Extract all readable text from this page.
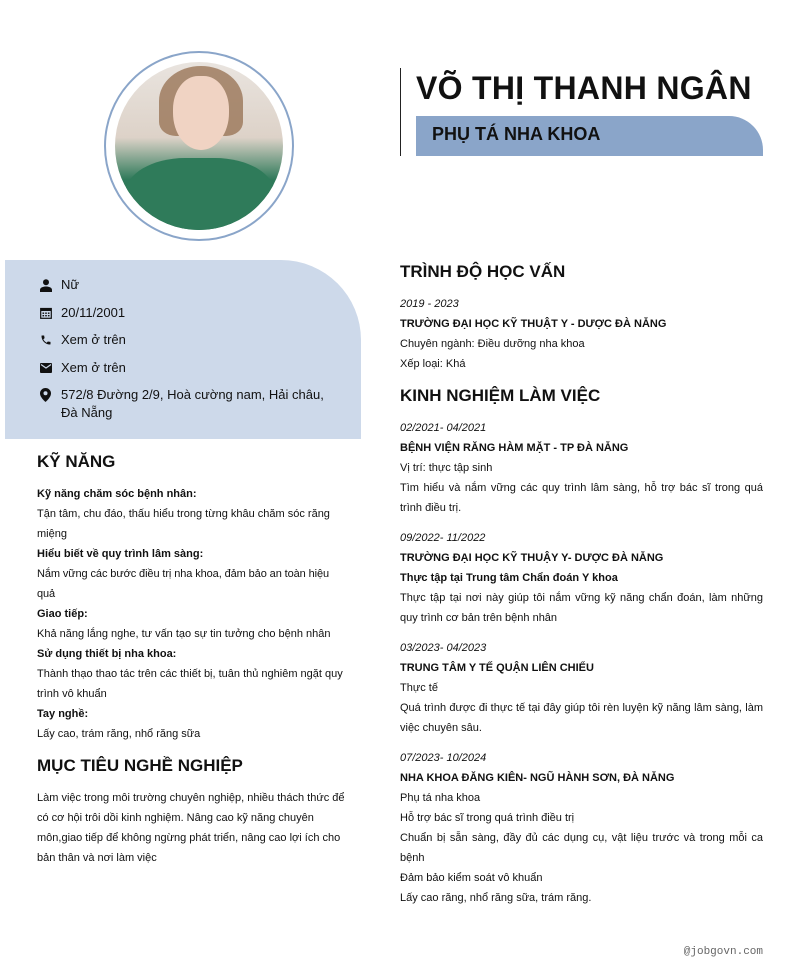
VÕ THỊ THANH NGÂN
PHỤ TÁ NHA KHOA
Nữ
20/11/2001
Xem ở trên
Xem ở trên
572/8 Đường 2/9, Hoà cường nam, Hải châu, Đà Nẵng
KỸ NĂNG
Kỹ năng chăm sóc bệnh nhân:
Tận tâm, chu đáo, thấu hiểu trong từng khâu chăm sóc răng miệng
Hiểu biết về quy trình lâm sàng:
Nắm vững các bước điều trị nha khoa, đảm bảo an toàn hiệu quả
Giao tiếp:
Khả năng lắng nghe, tư vấn tạo sự tin tưởng cho bệnh nhân
Sử dụng thiết bị nha khoa:
Thành thạo thao tác trên các thiết bị, tuân thủ nghiêm ngặt quy trình vô khuẩn
Tay nghề:
Lấy cao, trám răng, nhổ răng sữa
MỤC TIÊU NGHỀ NGHIỆP
Làm việc trong môi trường chuyên nghiệp, nhiều thách thức để có cơ hội trôi dồi kinh nghiệm. Nâng cao kỹ năng chuyên môn,giao tiếp để không ngừng phát triển, nâng cao lợi ích cho bản thân và nơi làm việc
TRÌNH ĐỘ HỌC VẤN
2019 - 2023
TRƯỜNG ĐẠI HỌC KỸ THUẬT Y - DƯỢC ĐÀ NẴNG
Chuyên ngành: Điều dưỡng nha khoa
Xếp loại: Khá
KINH NGHIỆM LÀM VIỆC
02/2021- 04/2021
BỆNH VIỆN RĂNG HÀM MẶT - TP ĐÀ NẴNG
Vị trí: thực tập sinh
Tìm hiểu và nắm vững các quy trình lâm sàng, hỗ trợ bác sĩ trong quá trình điều trị.
09/2022- 11/2022
TRƯỜNG ĐẠI HỌC KỸ THUẬY Y- DƯỢC ĐÀ NẴNG
Thực tập tại Trung tâm Chẩn đoán Y khoa
Thực tập tại nơi này giúp tôi nắm vững kỹ năng chẩn đoán, làm những quy trình cơ bản trên bệnh nhân
03/2023- 04/2023
TRUNG TÂM Y TẾ QUẬN LIÊN CHIỂU
Thực tế
Quá trình được đi thực tế tại đây giúp tôi rèn luyện kỹ năng lâm sàng, làm việc chuyên sâu.
07/2023- 10/2024
NHA KHOA ĐĂNG KIÊN- NGŨ HÀNH SƠN, ĐÀ NẴNG
Phụ tá nha khoa
Hỗ trợ bác sĩ trong quá trình điều trị
Chuẩn bị sẵn sàng, đầy đủ các dụng cụ, vật liệu trước và trong mỗi ca bệnh
Đảm bảo kiểm soát vô khuẩn
Lấy cao răng, nhổ răng sữa, trám răng.
@jobgovn.com
